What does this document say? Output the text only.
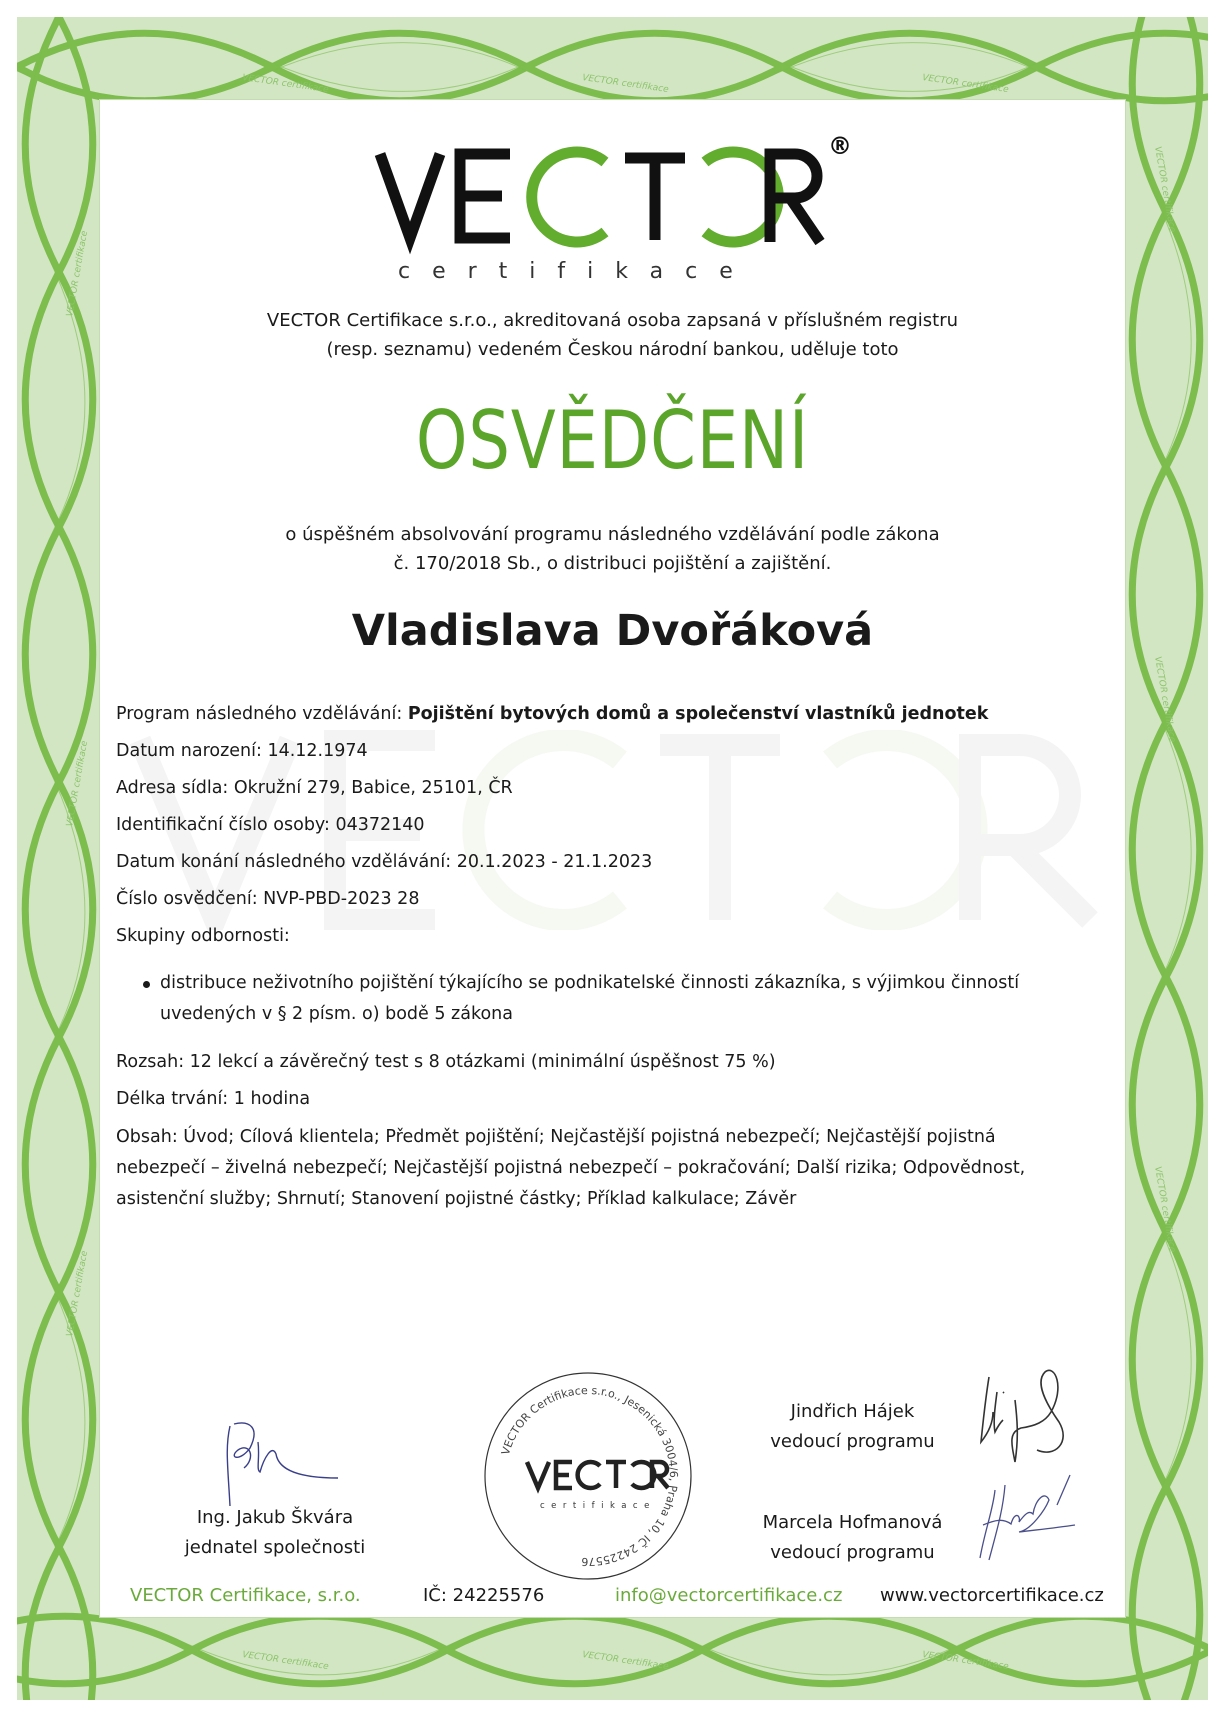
VECTOR certifikace	VECTOR certifikace	VECTOR certifikace
VECTOR certifikace	VECTOR certifikace	VECTOR certifikace
VECTOR certifikace
VECTOR certifikace
VECTOR certifikace
VECTOR certifikace
VECTOR certifikace
VECTOR certifikace
®
certifikace
VECTOR Certifikace s.r.o., akreditovaná osoba zapsaná v příslušném registru
(resp. seznamu) vedeném Českou národní bankou, uděluje toto
OSVĚDČENÍ
o úspěšném absolvování programu následného vzdělávání podle zákona
č. 170/2018 Sb., o distribuci pojištění a zajištění.
Vladislava Dvořáková
Program následného vzdělávání: Pojištění bytových domů a společenství vlastníků jednotek
Datum narození: 14.12.1974
Adresa sídla: Okružní 279, Babice, 25101, ČR
Identifikační číslo osoby: 04372140
Datum konání následného vzdělávání: 20.1.2023 - 21.1.2023
Číslo osvědčení: NVP-PBD-2023 28
Skupiny odbornosti:
distribuce neživotního pojištění týkajícího se podnikatelské činnosti zákazníka, s výjimkou činností uvedených v § 2 písm. o) bodě 5 zákona
Rozsah: 12 lekcí a závěrečný test s 8 otázkami (minimální úspěšnost 75 %)
Délka trvání: 1 hodina
Obsah: Úvod; Cílová klientela; Předmět pojištění; Nejčastější pojistná nebezpečí; Nejčastější pojistná nebezpečí – živelná nebezpečí; Nejčastější pojistná nebezpečí – pokračování; Další rizika; Odpovědnost, asistenční služby; Shrnutí; Stanovení pojistné částky; Příklad kalkulace; Závěr
Ing. Jakub Škvára
jednatel společnosti
VECTOR Certifikace s.r.o., Jesenická 3004/6, Praha 10, IČ 24225576
certifikace
Jindřich Hájek
vedoucí programu
Marcela Hofmanová
vedoucí programu
VECTOR Certifikace, s.r.o.	IČ: 24225576	info@vectorcertifikace.cz www.vectorcertifikace.cz
